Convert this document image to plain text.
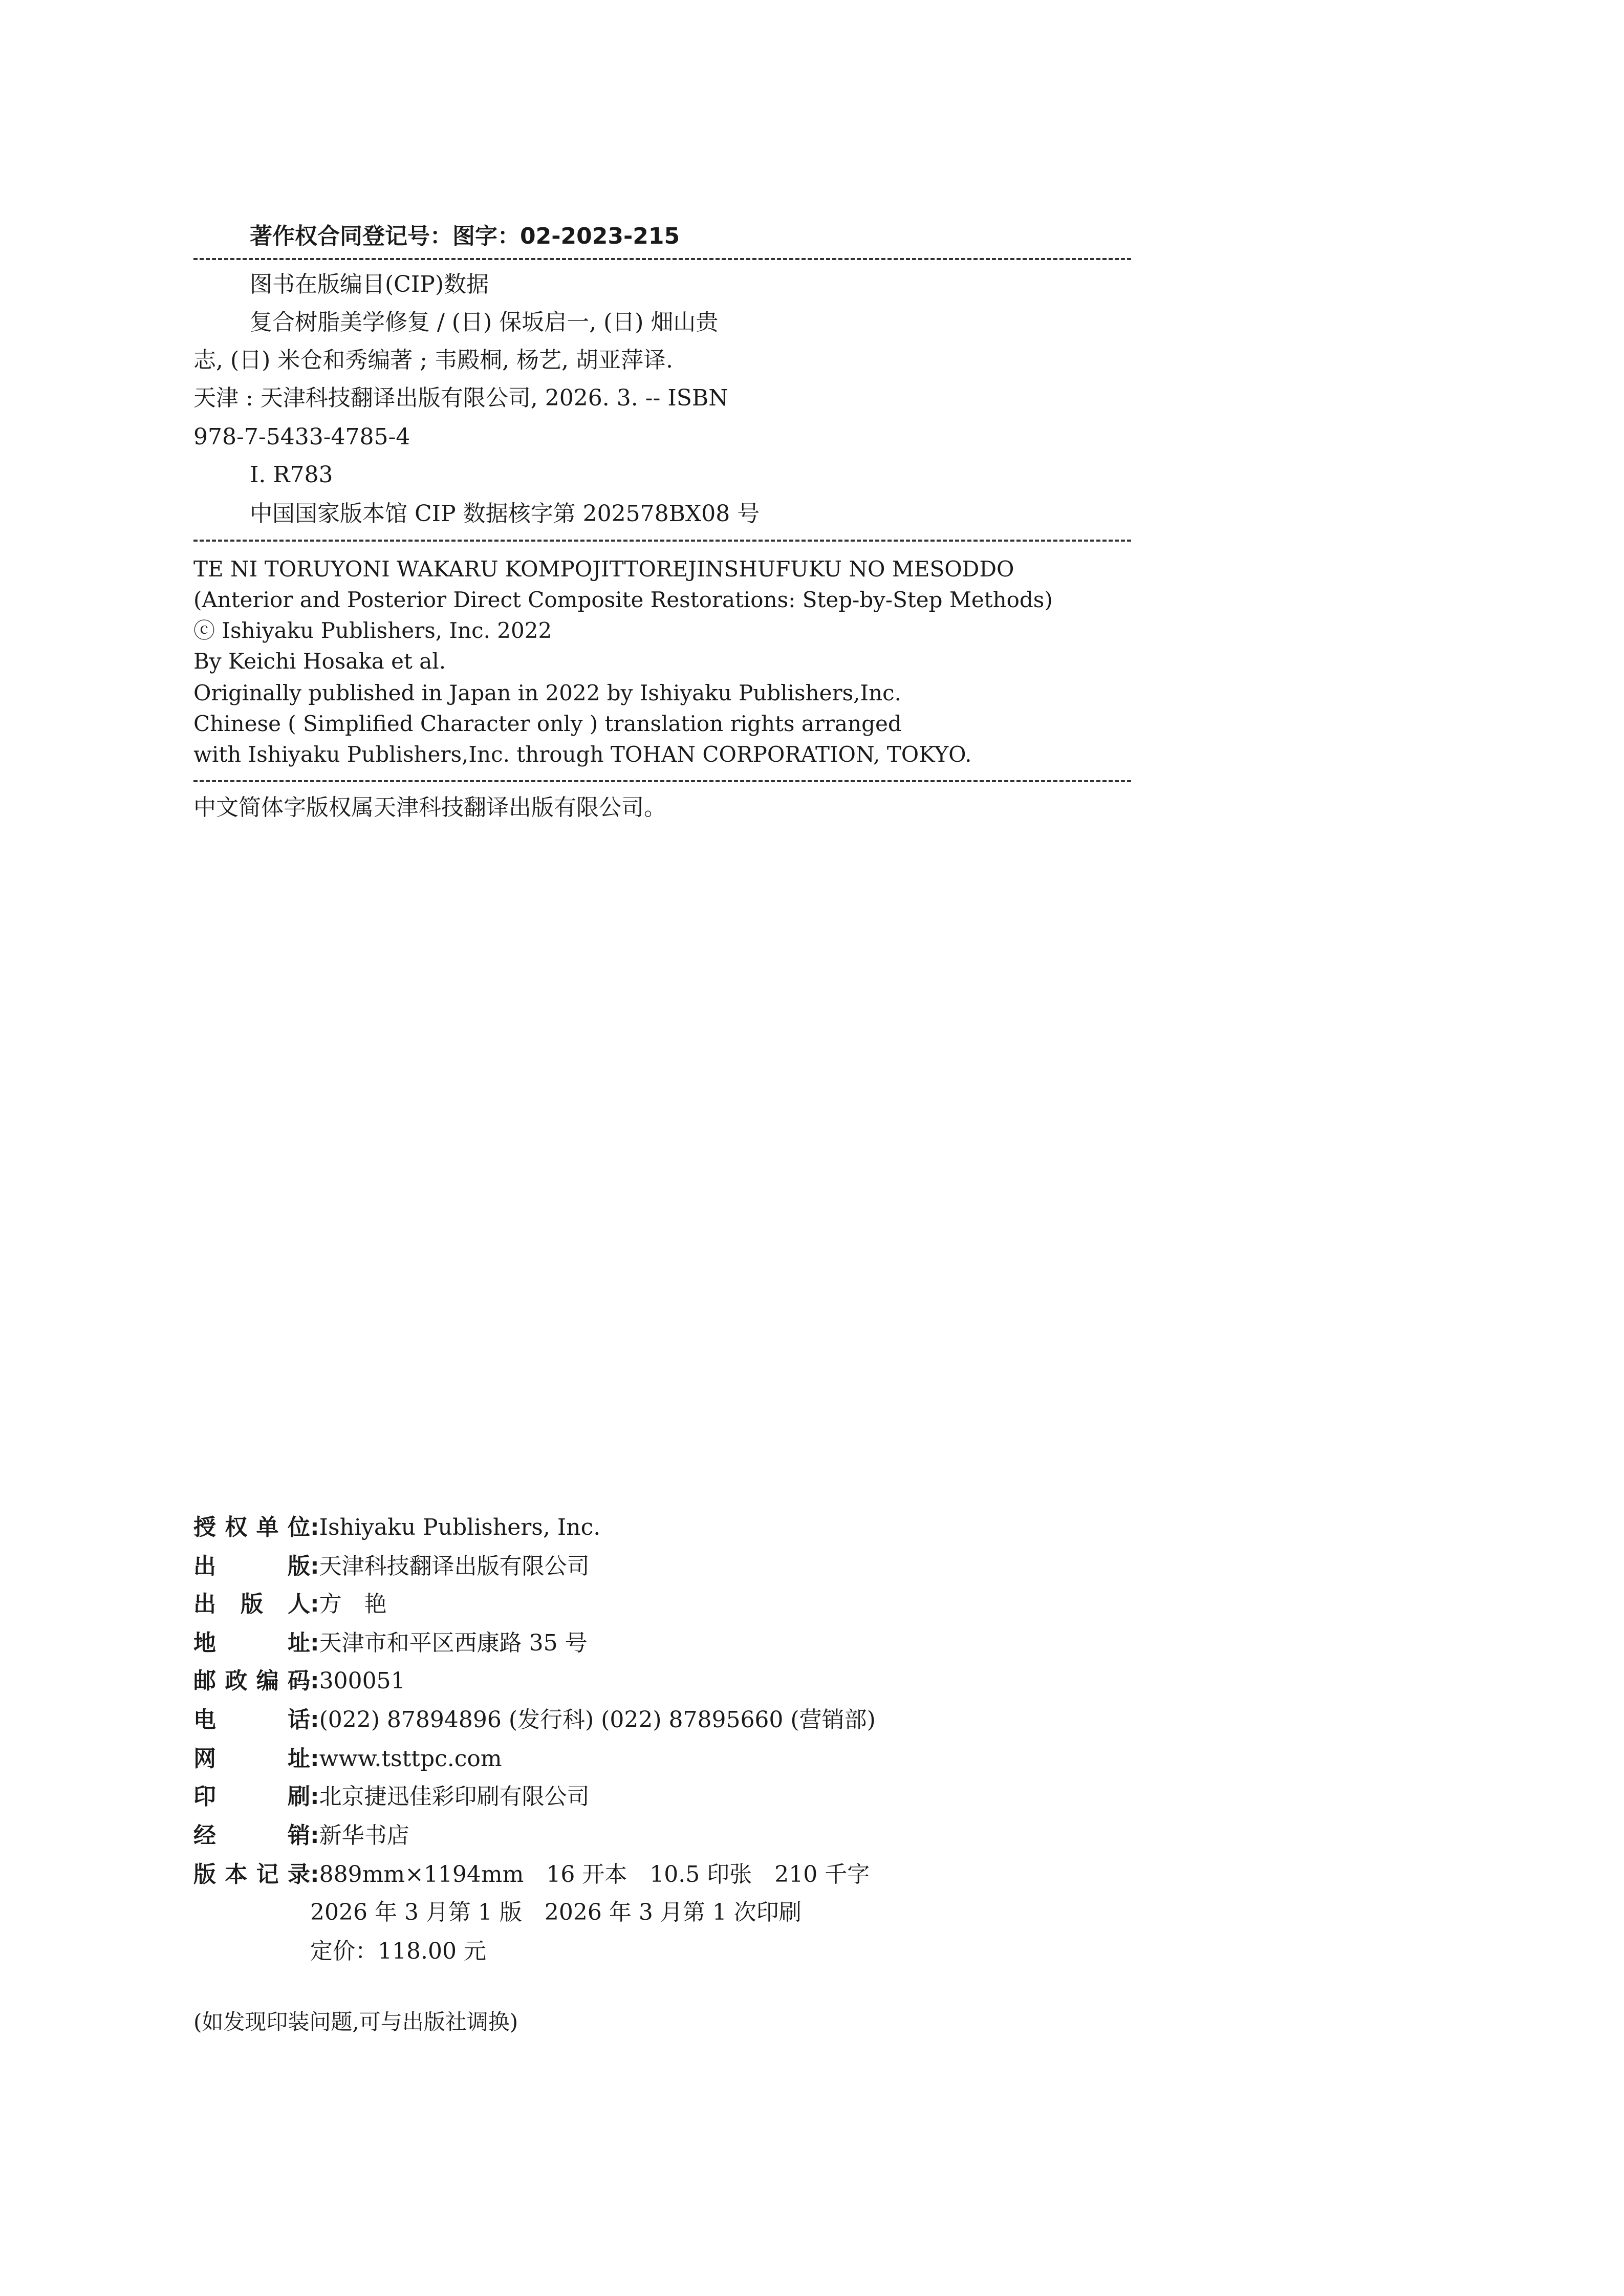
著作权合同登记号：图字：02-2023-215
图书在版编目(CIP)数据
复合树脂美学修复 / (日) 保坂启一, (日) 畑山贵
志, (日) 米仓和秀编著 ; 韦殿桐, 杨艺, 胡亚萍译.
天津 : 天津科技翻译出版有限公司, 2026. 3. -- ISBN
978-7-5433-4785-4
Ⅰ. R783
中国国家版本馆 CIP 数据核字第 202578BX08 号
TE NI TORUYONI WAKARU KOMPOJITTOREJINSHUFUKU NO MESODDO
(Anterior and Posterior Direct Composite Restorations: Step-by-Step Methods)
ⓒ Ishiyaku Publishers, Inc. 2022
By Keichi Hosaka et al.
Originally published in Japan in 2022 by Ishiyaku Publishers,Inc.
Chinese ( Simplified Character only ) translation rights arranged
with Ishiyaku Publishers,Inc. through TOHAN CORPORATION, TOKYO.
中文简体字版权属天津科技翻译出版有限公司。
授权单位:Ishiyaku Publishers, Inc.
出版:天津科技翻译出版有限公司
出版人:方　艳
地址:天津市和平区西康路 35 号
邮政编码:300051
电话:(022) 87894896 (发行科) (022) 87895660 (营销部)
网址:www.tsttpc.com
印刷:北京捷迅佳彩印刷有限公司
经销:新华书店
版本记录:889mm×1194mm　16 开本　10.5 印张　210 千字
2026 年 3 月第 1 版　2026 年 3 月第 1 次印刷
定价：118.00 元
(如发现印装问题,可与出版社调换)
